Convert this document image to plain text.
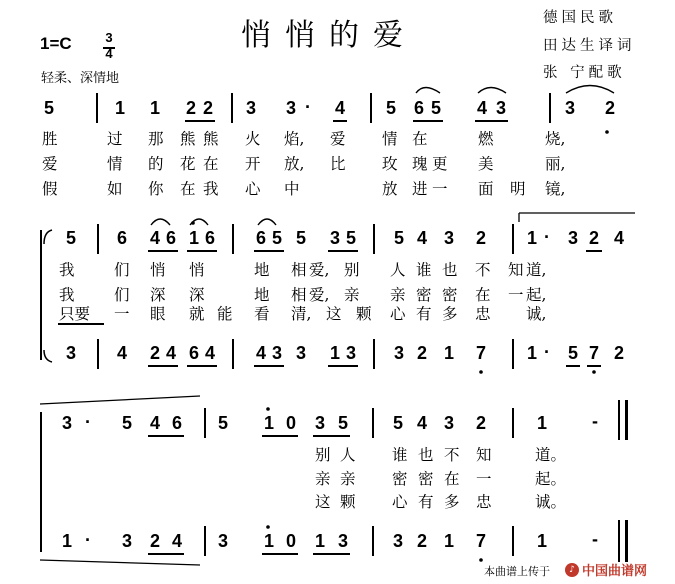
悄悄的爱
1=C	3
4
轻柔、深情地
德国民歌
田达生译词
张 宁配歌
5	1 1 2 2 3 3 · 4 5 6 5 4 3	3 2
胜	过 那 熊 熊 火 焰, 爱 情 在	燃	烧,
爱	情 的 花 在 开 放, 比 玫 瑰 更 美	丽,
假	如 你 在 我 心 中	放 进 一 面 明 镜,
5 6 4 6 1 6 6 5 5 3 5 5 4 3 2 1 · 3 2 4
我	们 悄 悄	地 相 爱, 别 人 谁 也 不 知 道,
我	们 深 深	地 相 爱, 亲 亲 密 密 在 一 起,
只要 一 眼 就 能 看 清, 这 颗 心 有 多 忠 诚,
3 4 2 4 6 4 4 3 3 1 3 3 2 1 7 1 · 5 7 2
3 · 5 4 6 5 1 0 3 5 5 4 3 2	1 -
别 人 谁 也 不 知	道。
亲 亲 密 密 在 一	起。
这 颗 心 有 多 忠	诚。
1 · 3 2 4 3 1 0 1 3 3 2 1 7	1 -
本曲谱上传于	♪ 中国曲谱网
